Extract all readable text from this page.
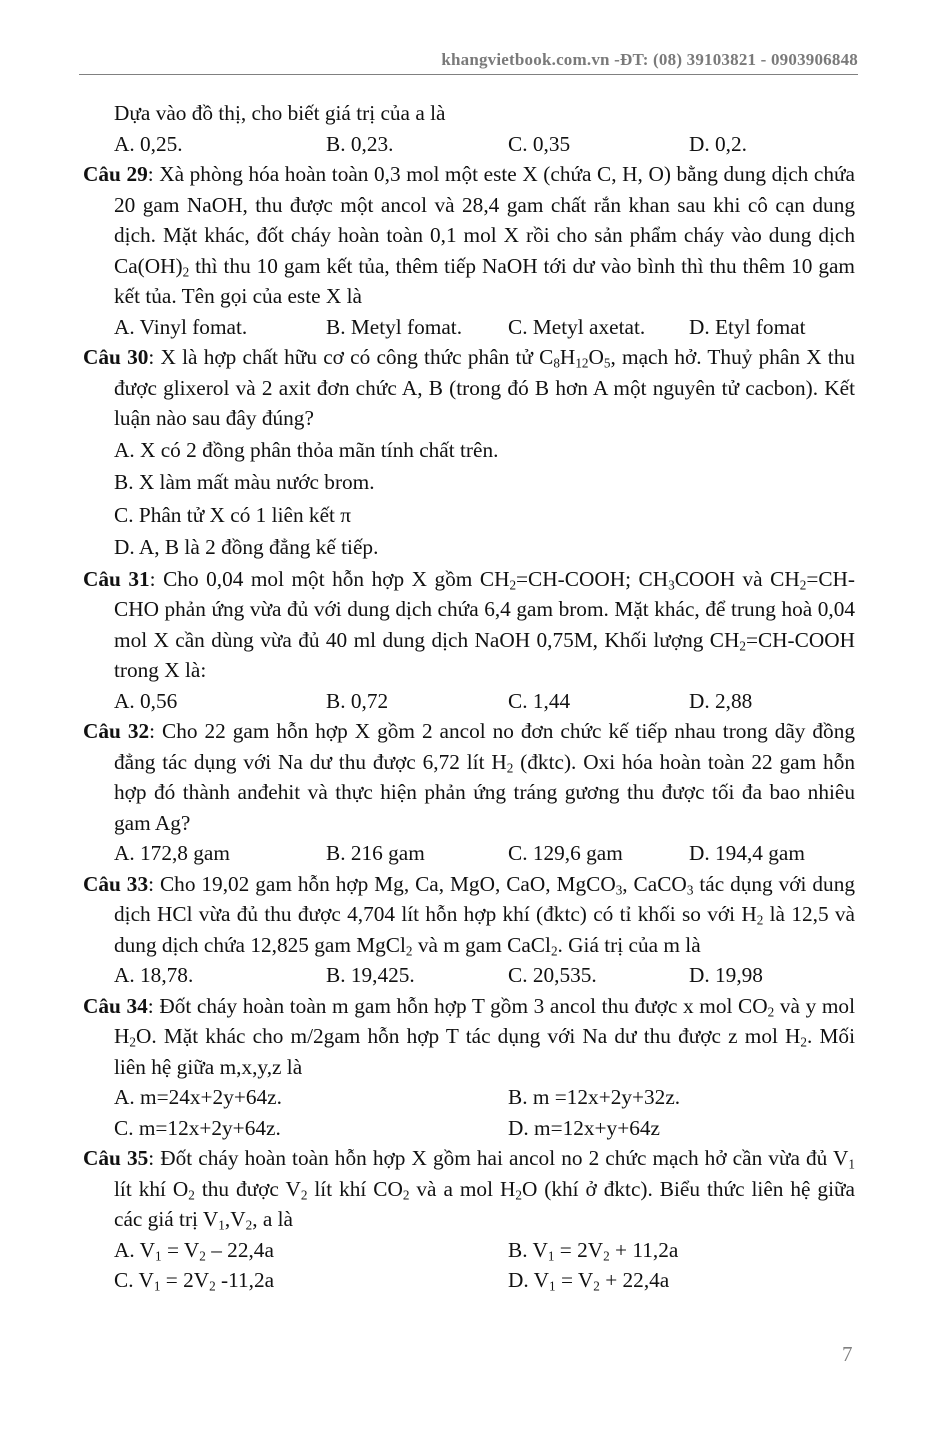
khangvietbook.com.vn -ĐT: (08) 39103821 - 0903906848

Dựa vào đồ thị, cho biết giá trị của a là

A. 0,25.	B. 0,23.	C. 0,35	D. 0,2.

Câu 29: Xà phòng hóa hoàn toàn 0,3 mol một este X (chứa C, H, O) bằng dung dịch chứa 20 gam NaOH, thu được một ancol và 28,4 gam chất rắn khan sau khi cô cạn dung dịch. Mặt khác, đốt cháy hoàn toàn 0,1 mol X rồi cho sản phẩm cháy vào dung dịch $Ca(OH)_2$ thì thu 10 gam kết tủa, thêm tiếp NaOH tới dư vào bình thì thu thêm 10 gam kết tủa. Tên gọi của este X là

A. Vinyl fomat.	B. Metyl fomat.	C. Metyl axetat.	D. Etyl fomat

Câu 30: X là hợp chất hữu cơ có công thức phân tử $C_8H_{12}O_5$, mạch hở. Thuỷ phân X thu được glixerol và 2 axit đơn chức A, B (trong đó B hơn A một nguyên tử cacbon). Kết luận nào sau đây đúng?

A. X có 2 đồng phân thỏa mãn tính chất trên.

B. X làm mất màu nước brom.

C. Phân tử X có 1 liên kết π

D. A, B là 2 đồng đẳng kế tiếp.

Câu 31: Cho 0,04 mol một hỗn hợp X gồm $CH_2=CH$-COOH; $CH_3COOH$ và $CH_2=CH$-CHO phản ứng vừa đủ với dung dịch chứa 6,4 gam brom. Mặt khác, để trung hoà 0,04 mol X cần dùng vừa đủ 40 ml dung dịch NaOH 0,75M, Khối lượng $CH_2=CH$-COOH trong X là:

A. 0,56	B. 0,72	C. 1,44	D. 2,88

Câu 32: Cho 22 gam hỗn hợp X gồm 2 ancol no đơn chức kế tiếp nhau trong dãy đồng đẳng tác dụng với Na dư thu được 6,72 lít $H_2$ (đktc). Oxi hóa hoàn toàn 22 gam hỗn hợp đó thành anđehit và thực hiện phản ứng tráng gương thu được tối đa bao nhiêu gam Ag?

A. 172,8 gam	B. 216 gam	C. 129,6 gam	D. 194,4 gam

Câu 33: Cho 19,02 gam hỗn hợp Mg, Ca, MgO, CaO, MgCO$_3$, CaCO$_3$ tác dụng với dung dịch HCl vừa đủ thu được 4,704 lít hỗn hợp khí (đktc) có tỉ khối so với $H_2$ là 12,5 và dung dịch chứa 12,825 gam MgCl$_2$ và m gam CaCl$_2$. Giá trị của m là

A. 18,78.	B. 19,425.	C. 20,535.	D. 19,98

Câu 34: Đốt cháy hoàn toàn m gam hỗn hợp T gồm 3 ancol thu được x mol $CO_2$ và y mol $H_2O$. Mặt khác cho m/2gam hỗn hợp T tác dụng với Na dư thu được z mol $H_2$. Mối liên hệ giữa m,x,y,z là

A. m=24x+2y+64z.	B. m =12x+2y+32z.
C. m=12x+2y+64z.	D. m=12x+y+64z

Câu 35: Đốt cháy hoàn toàn hỗn hợp X gồm hai ancol no 2 chức mạch hở cần vừa đủ $V_1$ lít khí $O_2$ thu được $V_2$ lít khí $CO_2$ và a mol $H_2O$ (khí ở đktc). Biểu thức liên hệ giữa các giá trị $V_1,V_2$, a là

A. $V_1 = V_2 - 22,4a$	B. $V_1 = 2V_2 + 11,2a$
C. $V_1 = 2V_2$ -11,2a	D. $V_1 = V_2 + 22,4a$
7
